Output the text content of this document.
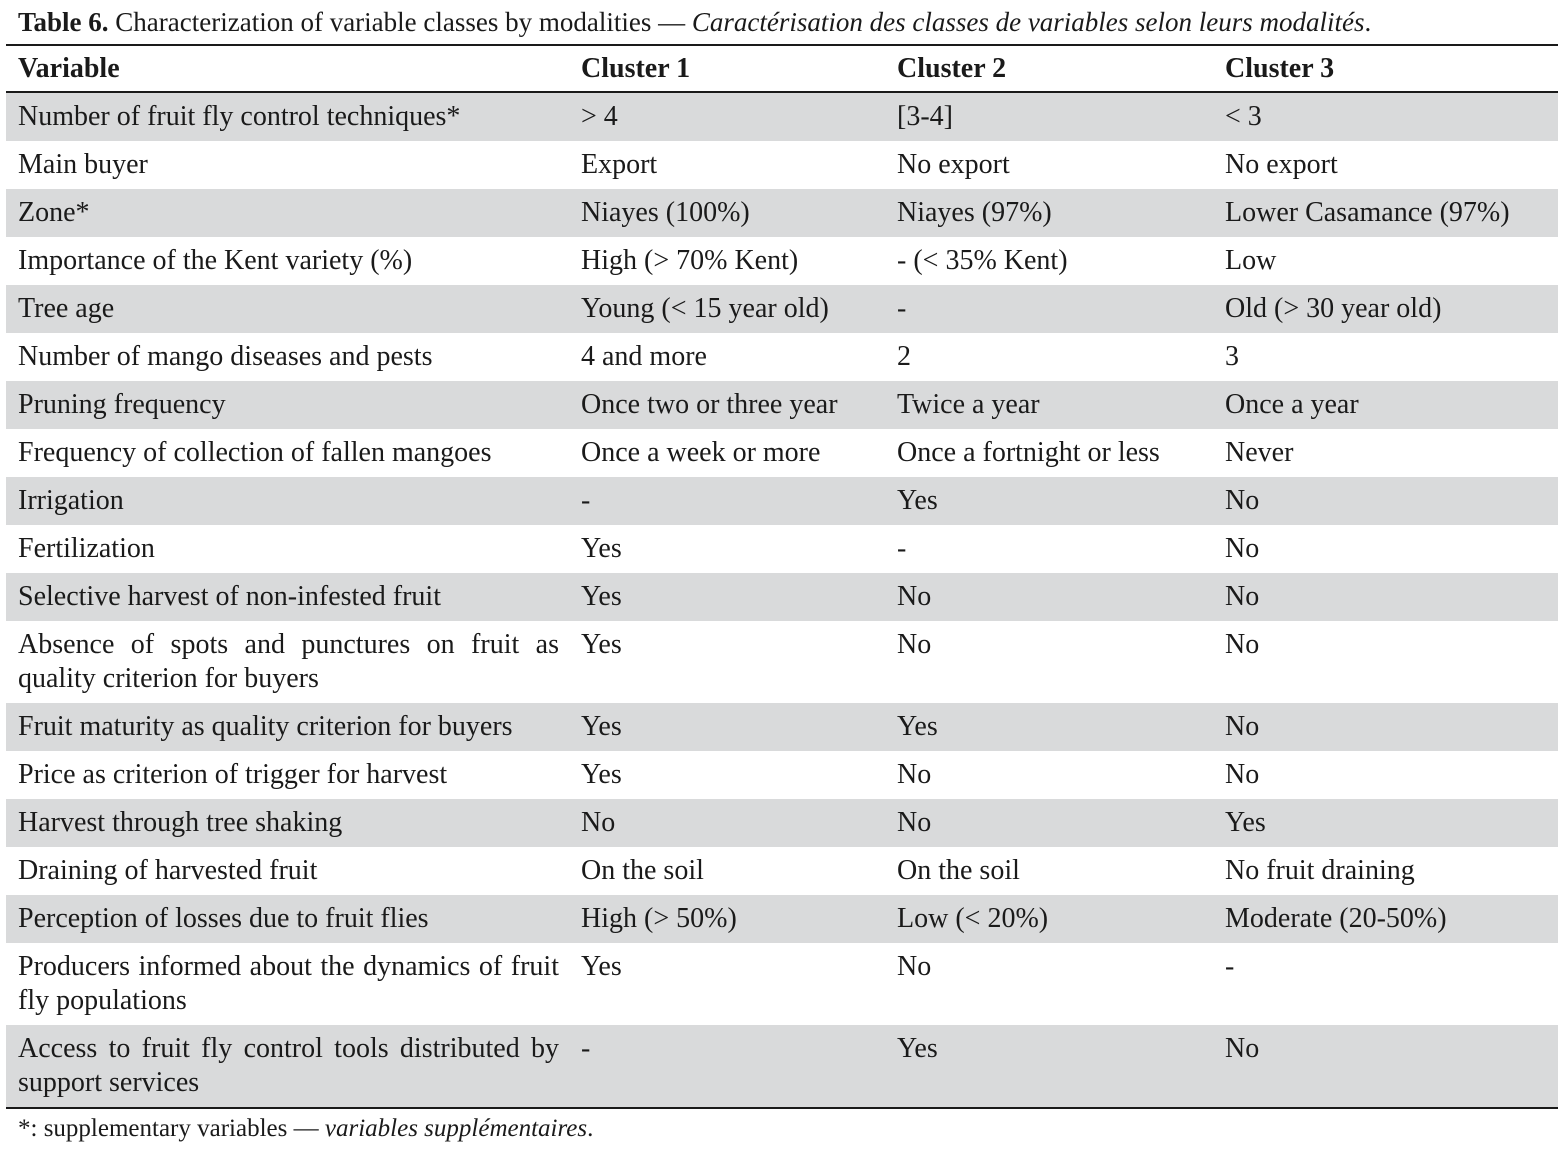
Table 6. Characterization of variable classes by modalities — Caractérisation des classes de variables selon leurs modalités.
Variable	Cluster 1	Cluster 2	Cluster 3
Number of fruit fly control techniques*	> 4	[3-4]	< 3
Main buyer	Export	No export	No export
Zone*	Niayes (100%)	Niayes (97%)	Lower Casamance (97%)
Importance of the Kent variety (%)	High (> 70% Kent)	- (< 35% Kent)	Low
Tree age	Young (< 15 year old)	-	Old (> 30 year old)
Number of mango diseases and pests	4 and more	2	3
Pruning frequency	Once two or three year	Twice a year	Once a year
Frequency of collection of fallen mangoes	Once a week or more	Once a fortnight or less	Never
Irrigation	-	Yes	No
Fertilization	Yes	-	No
Selective harvest of non-infested fruit	Yes	No	No
Absence of spots and punctures on fruit as quality criterion for buyers	Yes	No	No
Fruit maturity as quality criterion for buyers	Yes	Yes	No
Price as criterion of trigger for harvest	Yes	No	No
Harvest through tree shaking	No	No	Yes
Draining of harvested fruit	On the soil	On the soil	No fruit draining
Perception of losses due to fruit flies	High (> 50%)	Low (< 20%)	Moderate (20-50%)
Producers informed about the dynamics of fruit fly populations	Yes	No	-
Access to fruit fly control tools distributed by support services	-	Yes	No
*: supplementary variables — variables supplémentaires.
